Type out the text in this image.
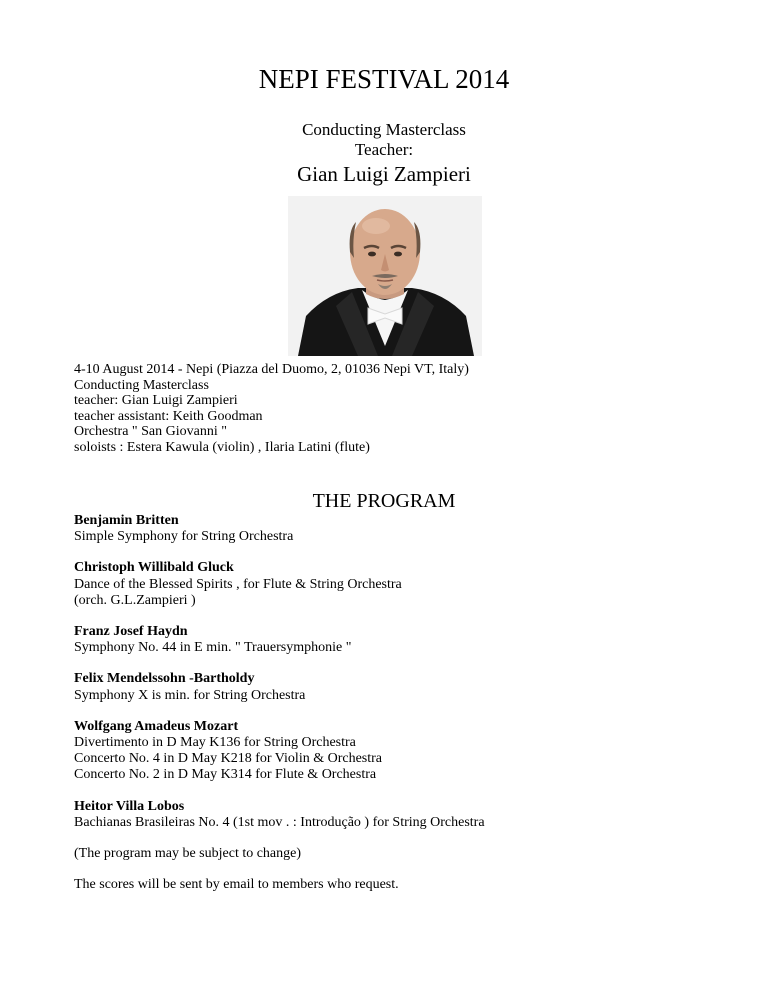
NEPI FESTIVAL 2014
Conducting Masterclass
Teacher:
Gian Luigi Zampieri
4-10 August 2014 - Nepi (Piazza del Duomo, 2, 01036 Nepi VT, Italy)
Conducting Masterclass
teacher: Gian Luigi Zampieri
teacher assistant: Keith Goodman
Orchestra " San Giovanni "
soloists : Estera Kawula (violin) , Ilaria Latini (flute)
THE PROGRAM
Benjamin Britten
Simple Symphony for String Orchestra
Christoph Willibald Gluck
Dance of the Blessed Spirits , for Flute & String Orchestra
(orch. G.L.Zampieri )
Franz Josef Haydn
Symphony No. 44 in E min. " Trauersymphonie "
Felix Mendelssohn -Bartholdy
Symphony X is min. for String Orchestra
Wolfgang Amadeus Mozart
Divertimento in D May K136 for String Orchestra
Concerto No. 4 in D May K218 for Violin & Orchestra
Concerto No. 2 in D May K314 for Flute & Orchestra
Heitor Villa Lobos
Bachianas Brasileiras No. 4 (1st mov . : Introdução ) for String Orchestra
(The program may be subject to change)
The scores will be sent by email to members who request.
